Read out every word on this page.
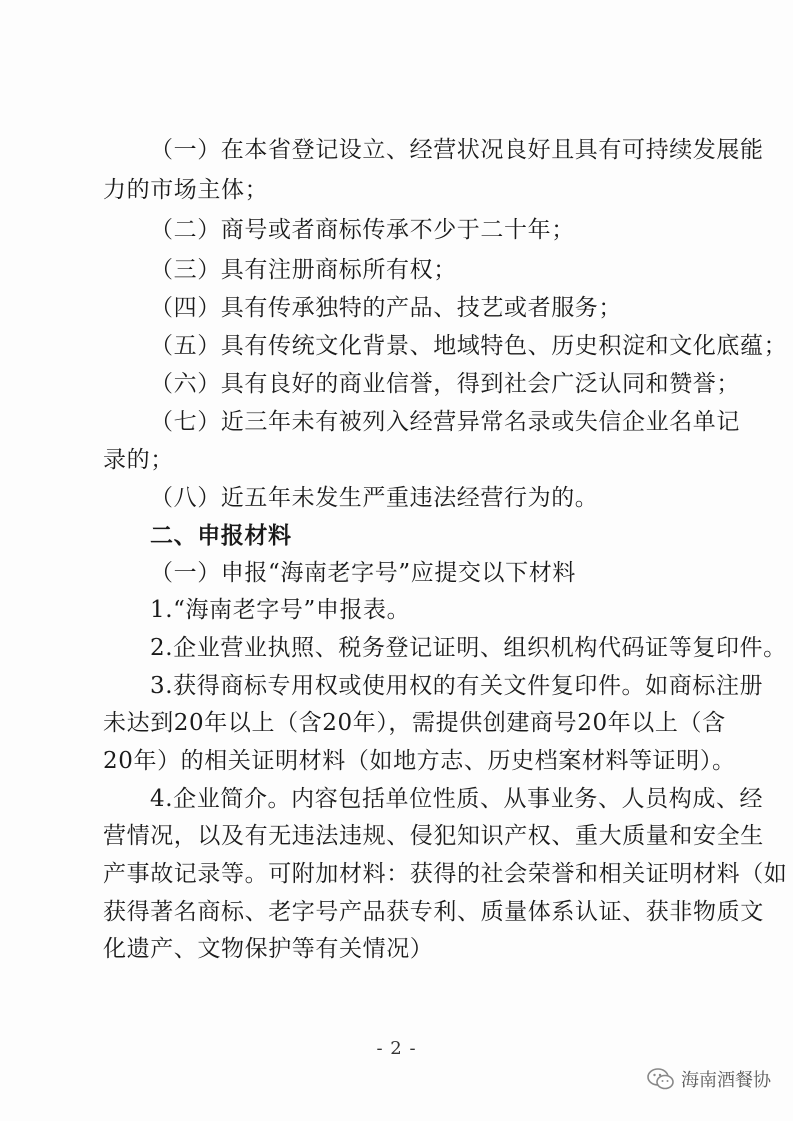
（一）在本省登记设立、经营状况良好且具有可持续发展能
力的市场主体；
（二）商号或者商标传承不少于二十年；
（三）具有注册商标所有权；
（四）具有传承独特的产品、技艺或者服务；
（五）具有传统文化背景、地域特色、历史积淀和文化底蕴；
（六）具有良好的商业信誉，得到社会广泛认同和赞誉；
（七）近三年未有被列入经营异常名录或失信企业名单记
录的；
（八）近五年未发生严重违法经营行为的。
二、申报材料
（一）申报“海南老字号”应提交以下材料
1.“海南老字号”申报表。
2.企业营业执照、税务登记证明、组织机构代码证等复印件。
3.获得商标专用权或使用权的有关文件复印件。如商标注册
未达到20年以上（含20年），需提供创建商号20年以上（含
20年）的相关证明材料（如地方志、历史档案材料等证明）。
4.企业简介。内容包括单位性质、从事业务、人员构成、经
营情况，以及有无违法违规、侵犯知识产权、重大质量和安全生
产事故记录等。可附加材料：获得的社会荣誉和相关证明材料（如
获得著名商标、老字号产品获专利、质量体系认证、获非物质文
化遗产、文物保护等有关情况）
- 2 -
海南酒餐协
